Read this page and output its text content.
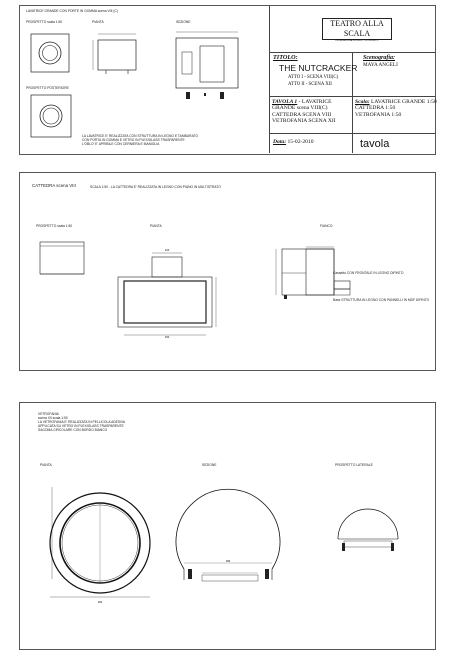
LAVATRICE GRANDE CON PORTE IN GOMMA scena VIII (C)
PROSPETTO scala 1:50	PIANTA	SEZIONE
PROSPETTO POSTERIORE
LA LAVATRICE E' REALIZZATA CON STRUTTURA IN LEGNO E TAMBURATO
CON PORTA IN GOMMA E VETRO IN PLEXIGLASS TRASPARENTE
L'OBLO' E' APRIBILE CON CERNIERA E MANIGLIA
TEATRO ALLA SCALA
FONDAZIONE DI DIRITTO PRIVATO
TITOLO:
THE NUTCRACKER
ATTO I - SCENA VIII(C)
ATTO II - SCENA XII
Scenografia:
MAYA ANGELI
TAVOLA 1 - LAVATRICE
GRANDE scena VIII(C)
CATTEDRA SCENA VIII
VETROFANIA SCENA XII
Scala: LAVATRICE GRANDE 1:50
CATTEDRA 1:50
VETROFANIA 1:50
Data: 15-02-2010	tavola
CATTEDRA scena VIII	SCALA 1:50 - LA CATTEDRA E' REALIZZATA IN LEGNO CON PIANO IN MULTISTRATO
PROSPETTO scala 1:50	PIANTA	FIANCO
120
150
Cassetto CON FRONTALE IN LEGNO DIPINTO
Base STRUTTURA IN LEGNO CON PANNELLI IN MDF DIPINTO
VETROFANIA
scena XII scala 1:50
LA VETROFANIA E' REALIZZATA IN PELLICOLA ADESIVA
APPLICATA SU VETRO IN PLEXIGLASS TRASPARENTE
SAGOMA CIRCOLARE CON BORDO BIANCO
PIANTA	SEZIONE	PROSPETTO LATERALE
200
180
